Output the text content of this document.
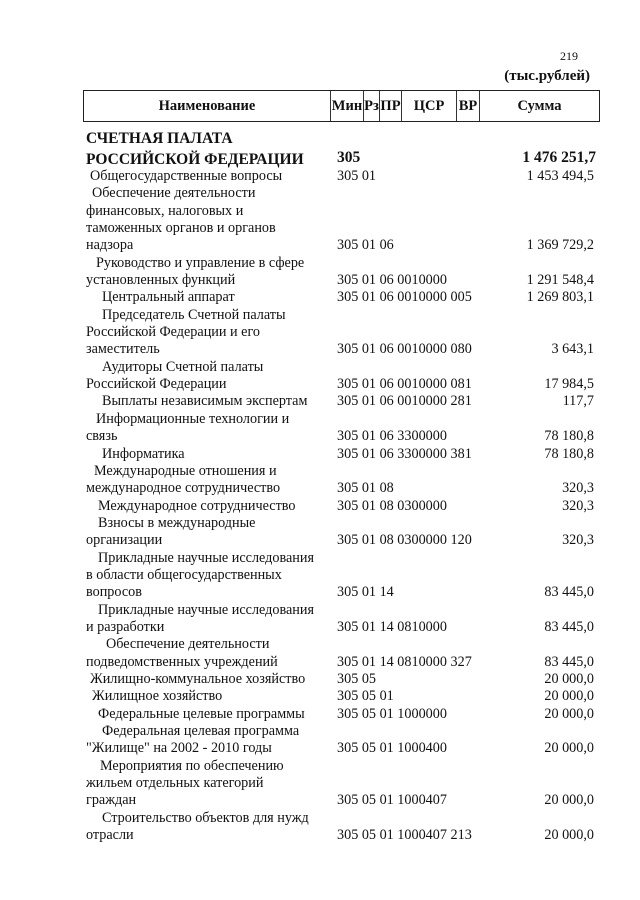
219
(тыс.рублей)
Наименование	Мин Рз ПР ЦСР ВР	Сумма
СЧЕТНАЯ ПАЛАТА
РОССИЙСКОЙ ФЕДЕРАЦИИ	305	1 476 251,7
Общегосударственные вопросы	305 01	1 453 494,5
Обеспечение деятельности
финансовых, налоговых и
таможенных органов и органов
надзора	305 01 06	1 369 729,2
Руководство и управление в сфере
установленных функций	305 01 06 0010000	1 291 548,4
Центральный аппарат	305 01 06 0010000 005	1 269 803,1
Председатель Счетной палаты
Российской Федерации и его
заместитель	305 01 06 0010000 080	3 643,1
Аудиторы Счетной палаты
Российской Федерации	305 01 06 0010000 081	17 984,5
Выплаты независимым экспертам	305 01 06 0010000 281	117,7
Информационные технологии и
связь	305 01 06 3300000	78 180,8
Информатика	305 01 06 3300000 381	78 180,8
Международные отношения и
международное сотрудничество	305 01 08	320,3
Международное сотрудничество	305 01 08 0300000	320,3
Взносы в международные
организации	305 01 08 0300000 120	320,3
Прикладные научные исследования
в области общегосударственных
вопросов	305 01 14	83 445,0
Прикладные научные исследования
и разработки	305 01 14 0810000	83 445,0
Обеспечение деятельности
подведомственных учреждений	305 01 14 0810000 327	83 445,0
Жилищно-коммунальное хозяйство	305 05	20 000,0
Жилищное хозяйство	305 05 01	20 000,0
Федеральные целевые программы	305 05 01 1000000	20 000,0
Федеральная целевая программа
"Жилище" на 2002 - 2010 годы	305 05 01 1000400	20 000,0
Мероприятия по обеспечению
жильем отдельных категорий
граждан	305 05 01 1000407	20 000,0
Строительство объектов для нужд
отрасли	305 05 01 1000407 213	20 000,0
